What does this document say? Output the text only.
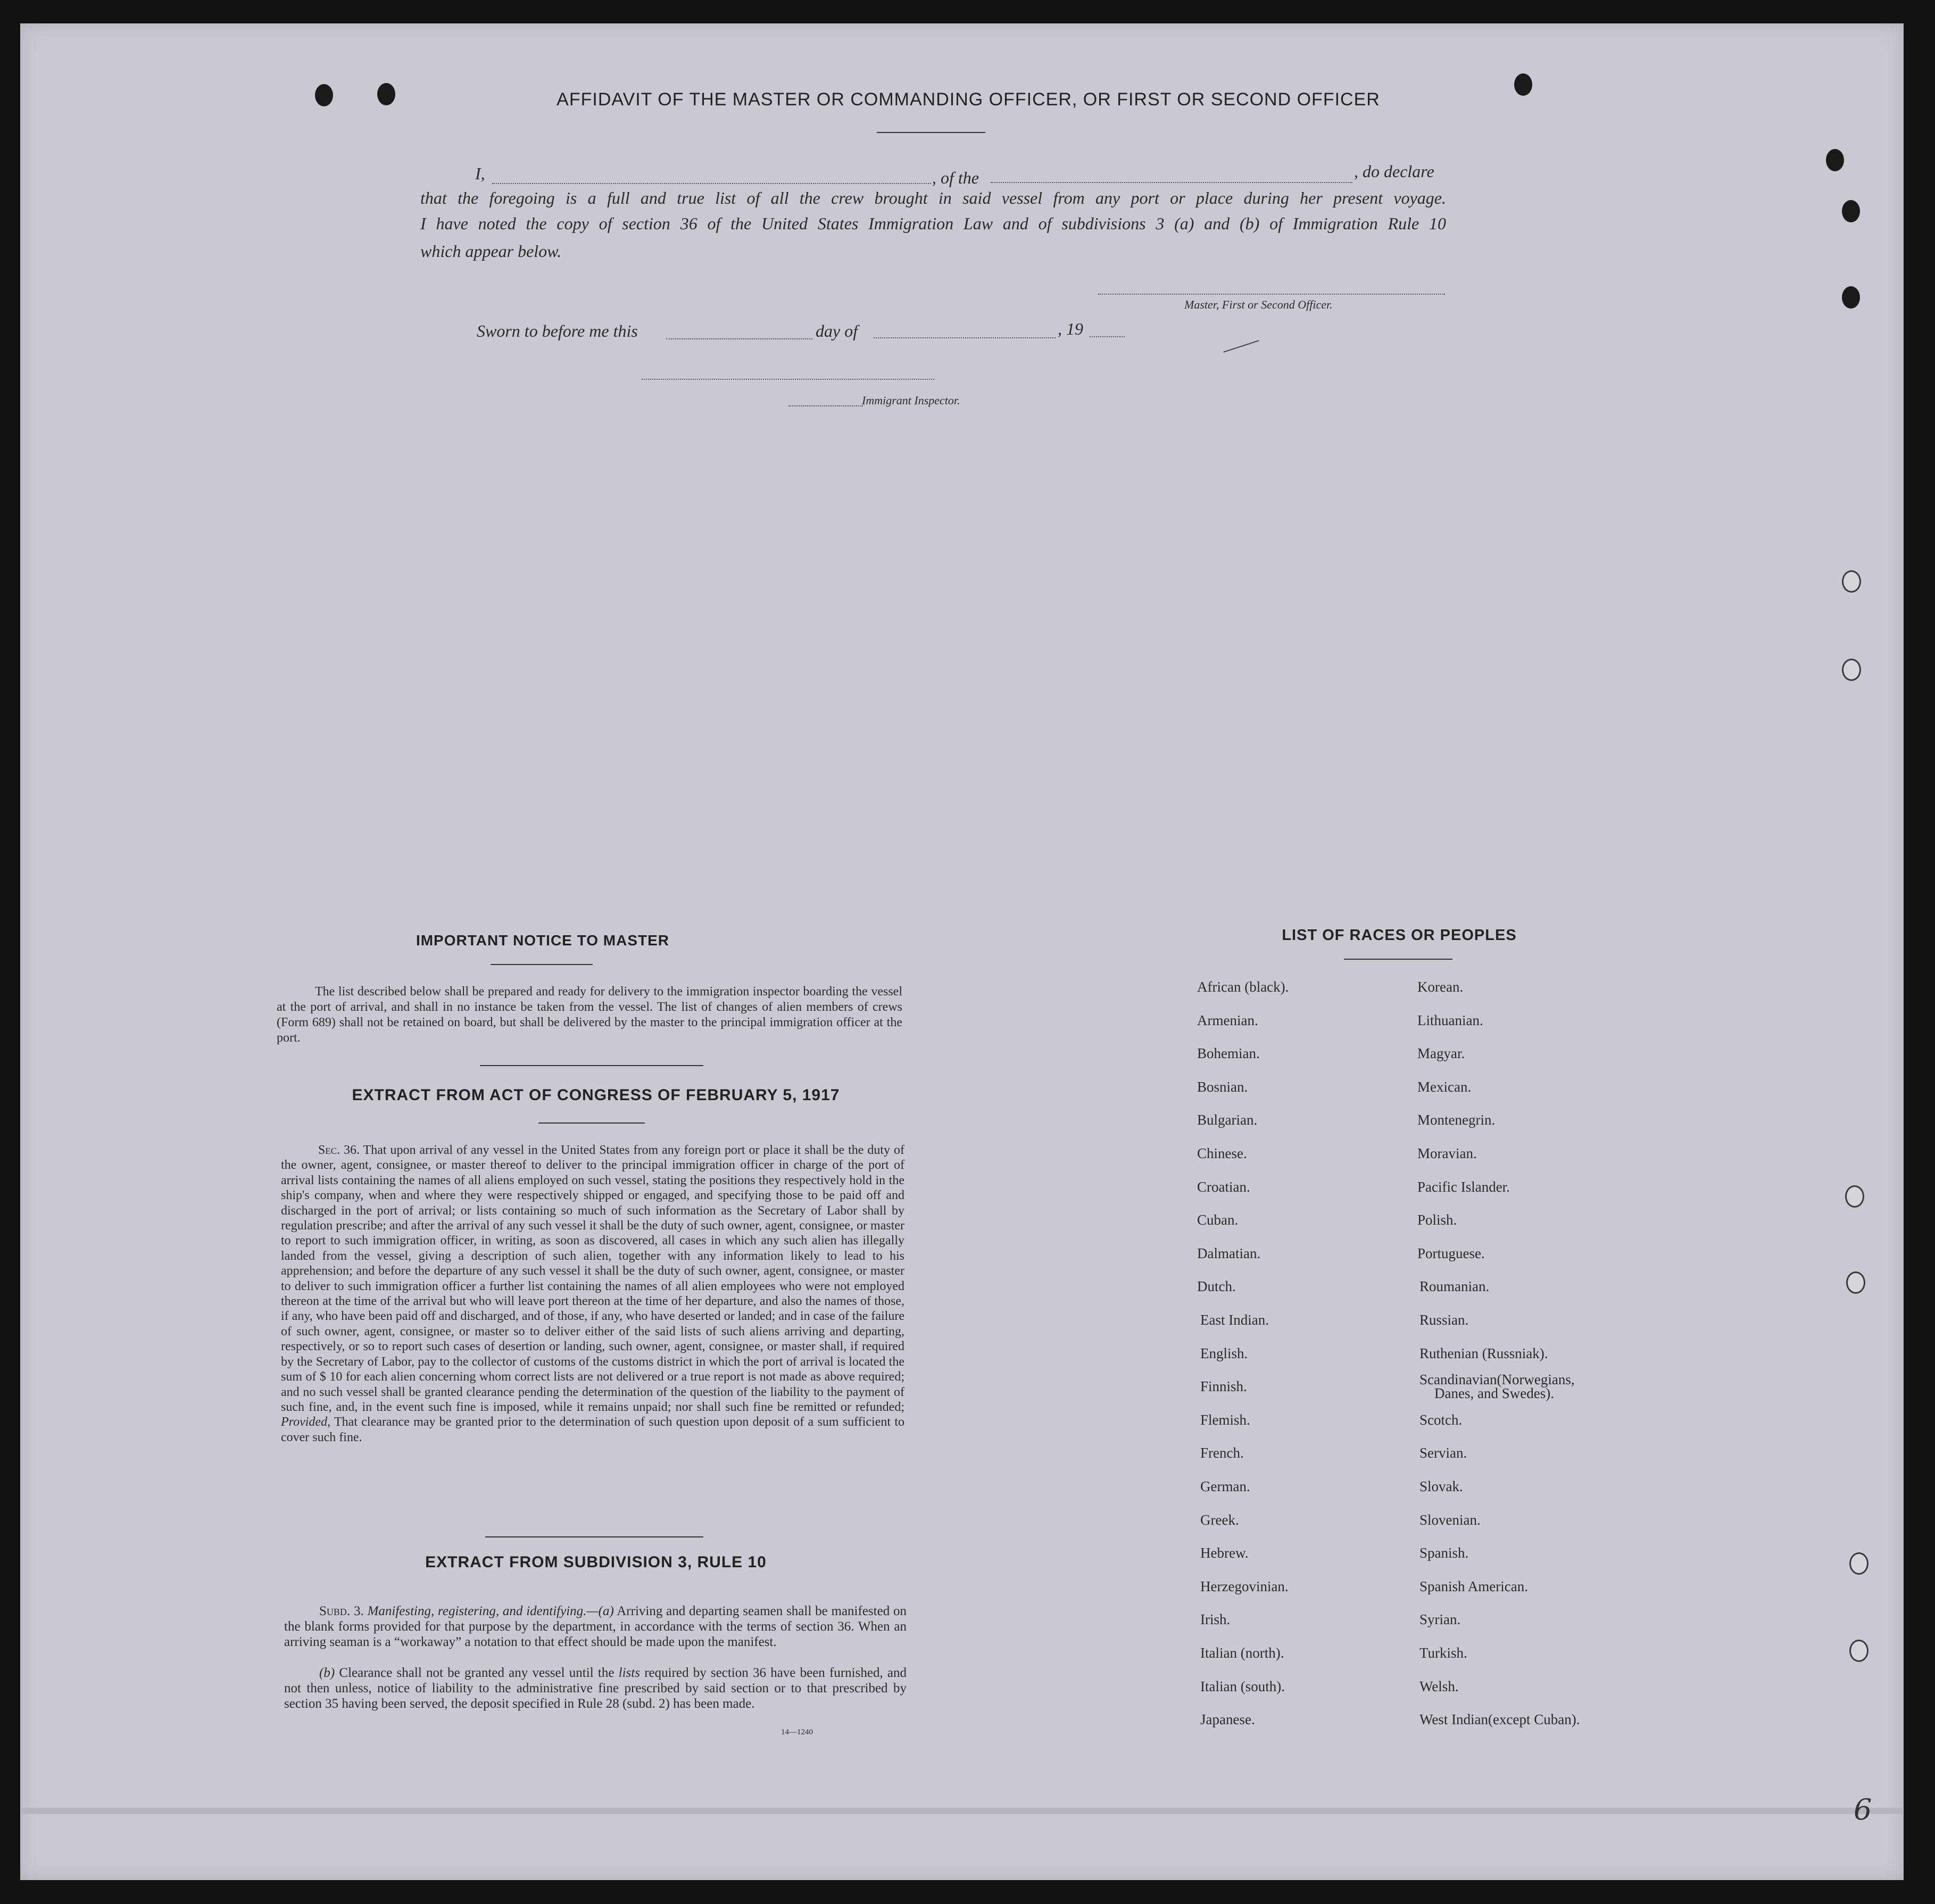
AFFIDAVIT OF THE MASTER OR COMMANDING OFFICER, OR FIRST OR SECOND OFFICER
I,	, of the	, do declare
that the foregoing is a full and true list of all the crew brought in said vessel from any port or place during her present voyage.
I have noted the copy of section 36 of the United States Immigration Law and of subdivisions 3 (a) and (b) of Immigration Rule 10
which appear below.
Master, First or Second Officer.
Sworn to before me this	day of	, 19
Immigrant Inspector.
IMPORTANT NOTICE TO MASTER
The list described below shall be prepared and ready for delivery to the immigration inspector boarding the vessel at the port of arrival, and shall in no instance be taken from the vessel. The list of changes of alien members of crews (Form 689) shall not be retained on board, but shall be delivered by the master to the principal immigration officer at the port.
EXTRACT FROM ACT OF CONGRESS OF FEBRUARY 5, 1917
Sec. 36. That upon arrival of any vessel in the United States from any foreign port or place it shall be the duty of the owner, agent, consignee, or master thereof to deliver to the principal immigration officer in charge of the port of arrival lists containing the names of all aliens employed on such vessel, stating the positions they respectively hold in the ship's company, when and where they were respectively shipped or engaged, and specifying those to be paid off and discharged in the port of arrival; or lists containing so much of such information as the Secretary of Labor shall by regulation prescribe; and after the arrival of any such vessel it shall be the duty of such owner, agent, consignee, or master to report to such immigration officer, in writing, as soon as discovered, all cases in which any such alien has illegally landed from the vessel, giving a description of such alien, together with any information likely to lead to his apprehension; and before the departure of any such vessel it shall be the duty of such owner, agent, consignee, or master to deliver to such immigration officer a further list containing the names of all alien employees who were not employed thereon at the time of the arrival but who will leave port thereon at the time of her departure, and also the names of those, if any, who have been paid off and discharged, and of those, if any, who have deserted or landed; and in case of the failure of such owner, agent, consignee, or master so to deliver either of the said lists of such aliens arriving and departing, respectively, or so to report such cases of desertion or landing, such owner, agent, consignee, or master shall, if required by the Secretary of Labor, pay to the collector of customs of the customs district in which the port of arrival is located the sum of $ 10 for each alien concerning whom correct lists are not delivered or a true report is not made as above required; and no such vessel shall be granted clearance pending the determination of the question of the liability to the payment of such fine, and, in the event such fine is imposed, while it remains unpaid; nor shall such fine be remitted or refunded; Provided, That clearance may be granted prior to the determination of such question upon deposit of a sum sufficient to cover such fine.
EXTRACT FROM SUBDIVISION 3, RULE 10
Subd. 3. Manifesting, registering, and identifying.—(a) Arriving and departing seamen shall be manifested on the blank forms provided for that purpose by the department, in accordance with the terms of section 36. When an arriving seaman is a “workaway” a notation to that effect should be made upon the manifest.
(b) Clearance shall not be granted any vessel until the lists required by section 36 have been furnished, and not then unless, notice of liability to the administrative fine prescribed by said section or to that prescribed by section 35 having been served, the deposit specified in Rule 28 (subd. 2) has been made.
14—1240
LIST OF RACES OR PEOPLES
African (black).
Armenian.
Bohemian.
Bosnian.
Bulgarian.
Chinese.
Croatian.
Cuban.
Dalmatian.
Dutch.
East Indian.
English.
Finnish.
Flemish.
French.
German.
Greek.
Hebrew.
Herzegovinian.
Irish.
Italian (north).
Italian (south).
Japanese.
Korean.
Lithuanian.
Magyar.
Mexican.
Montenegrin.
Moravian.
Pacific Islander.
Polish.
Portuguese.
Roumanian.
Russian.
Ruthenian (Russniak).
Scandinavian(Norwegians,
Scotch.
Servian.
Slovak.
Slovenian.
Spanish.
Spanish American.
Syrian.
Turkish.
Welsh.
West Indian(except Cuban).
Danes, and Swedes).
6
